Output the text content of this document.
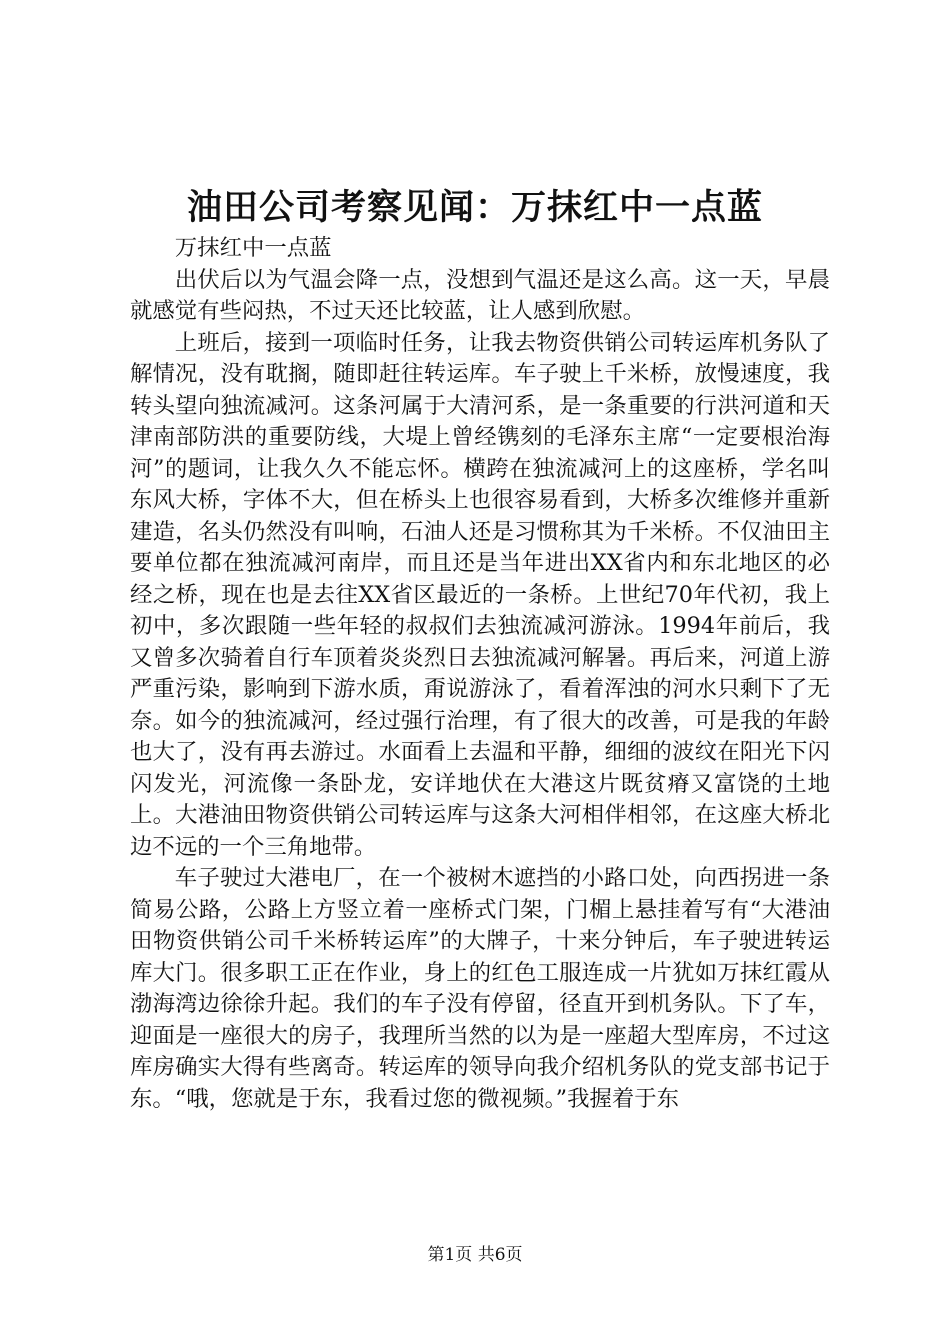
油田公司考察见闻：万抹红中一点蓝

万抹红中一点蓝

出伏后以为气温会降一点，没想到气温还是这么高。这一天，早晨就感觉有些闷热，不过天还比较蓝，让人感到欣慰。

上班后，接到一项临时任务，让我去物资供销公司转运库机务队了解情况，没有耽搁，随即赶往转运库。车子驶上千米桥，放慢速度，我转头望向独流减河。这条河属于大清河系，是一条重要的行洪河道和天津南部防洪的重要防线，大堤上曾经镌刻的毛泽东主席“一定要根治海河”的题词，让我久久不能忘怀。横跨在独流减河上的这座桥，学名叫东风大桥，字体不大，但在桥头上也很容易看到，大桥多次维修并重新建造，名头仍然没有叫响，石油人还是习惯称其为千米桥。不仅油田主要单位都在独流减河南岸，而且还是当年进出XX省内和东北地区的必经之桥，现在也是去往XX省区最近的一条桥。上世纪70年代初，我上初中，多次跟随一些年轻的叔叔们去独流减河游泳。1994年前后，我又曾多次骑着自行车顶着炎炎烈日去独流减河解暑。再后来，河道上游严重污染，影响到下游水质，甭说游泳了，看着浑浊的河水只剩下了无奈。如今的独流减河，经过强行治理，有了很大的改善，可是我的年龄也大了，没有再去游过。水面看上去温和平静，细细的波纹在阳光下闪闪发光，河流像一条卧龙，安详地伏在大港这片既贫瘠又富饶的土地上。大港油田物资供销公司转运库与这条大河相伴相邻，在这座大桥北边不远的一个三角地带。

车子驶过大港电厂，在一个被树木遮挡的小路口处，向西拐进一条简易公路，公路上方竖立着一座桥式门架，门楣上悬挂着写有“大港油田物资供销公司千米桥转运库”的大牌子，十来分钟后，车子驶进转运库大门。很多职工正在作业，身上的红色工服连成一片犹如万抹红霞从渤海湾边徐徐升起。我们的车子没有停留，径直开到机务队。下了车，迎面是一座很大的房子，我理所当然的以为是一座超大型库房，不过这库房确实大得有些离奇。转运库的领导向我介绍机务队的党支部书记于东。“哦，您就是于东，我看过您的微视频。”我握着于东

第1页 共6页
